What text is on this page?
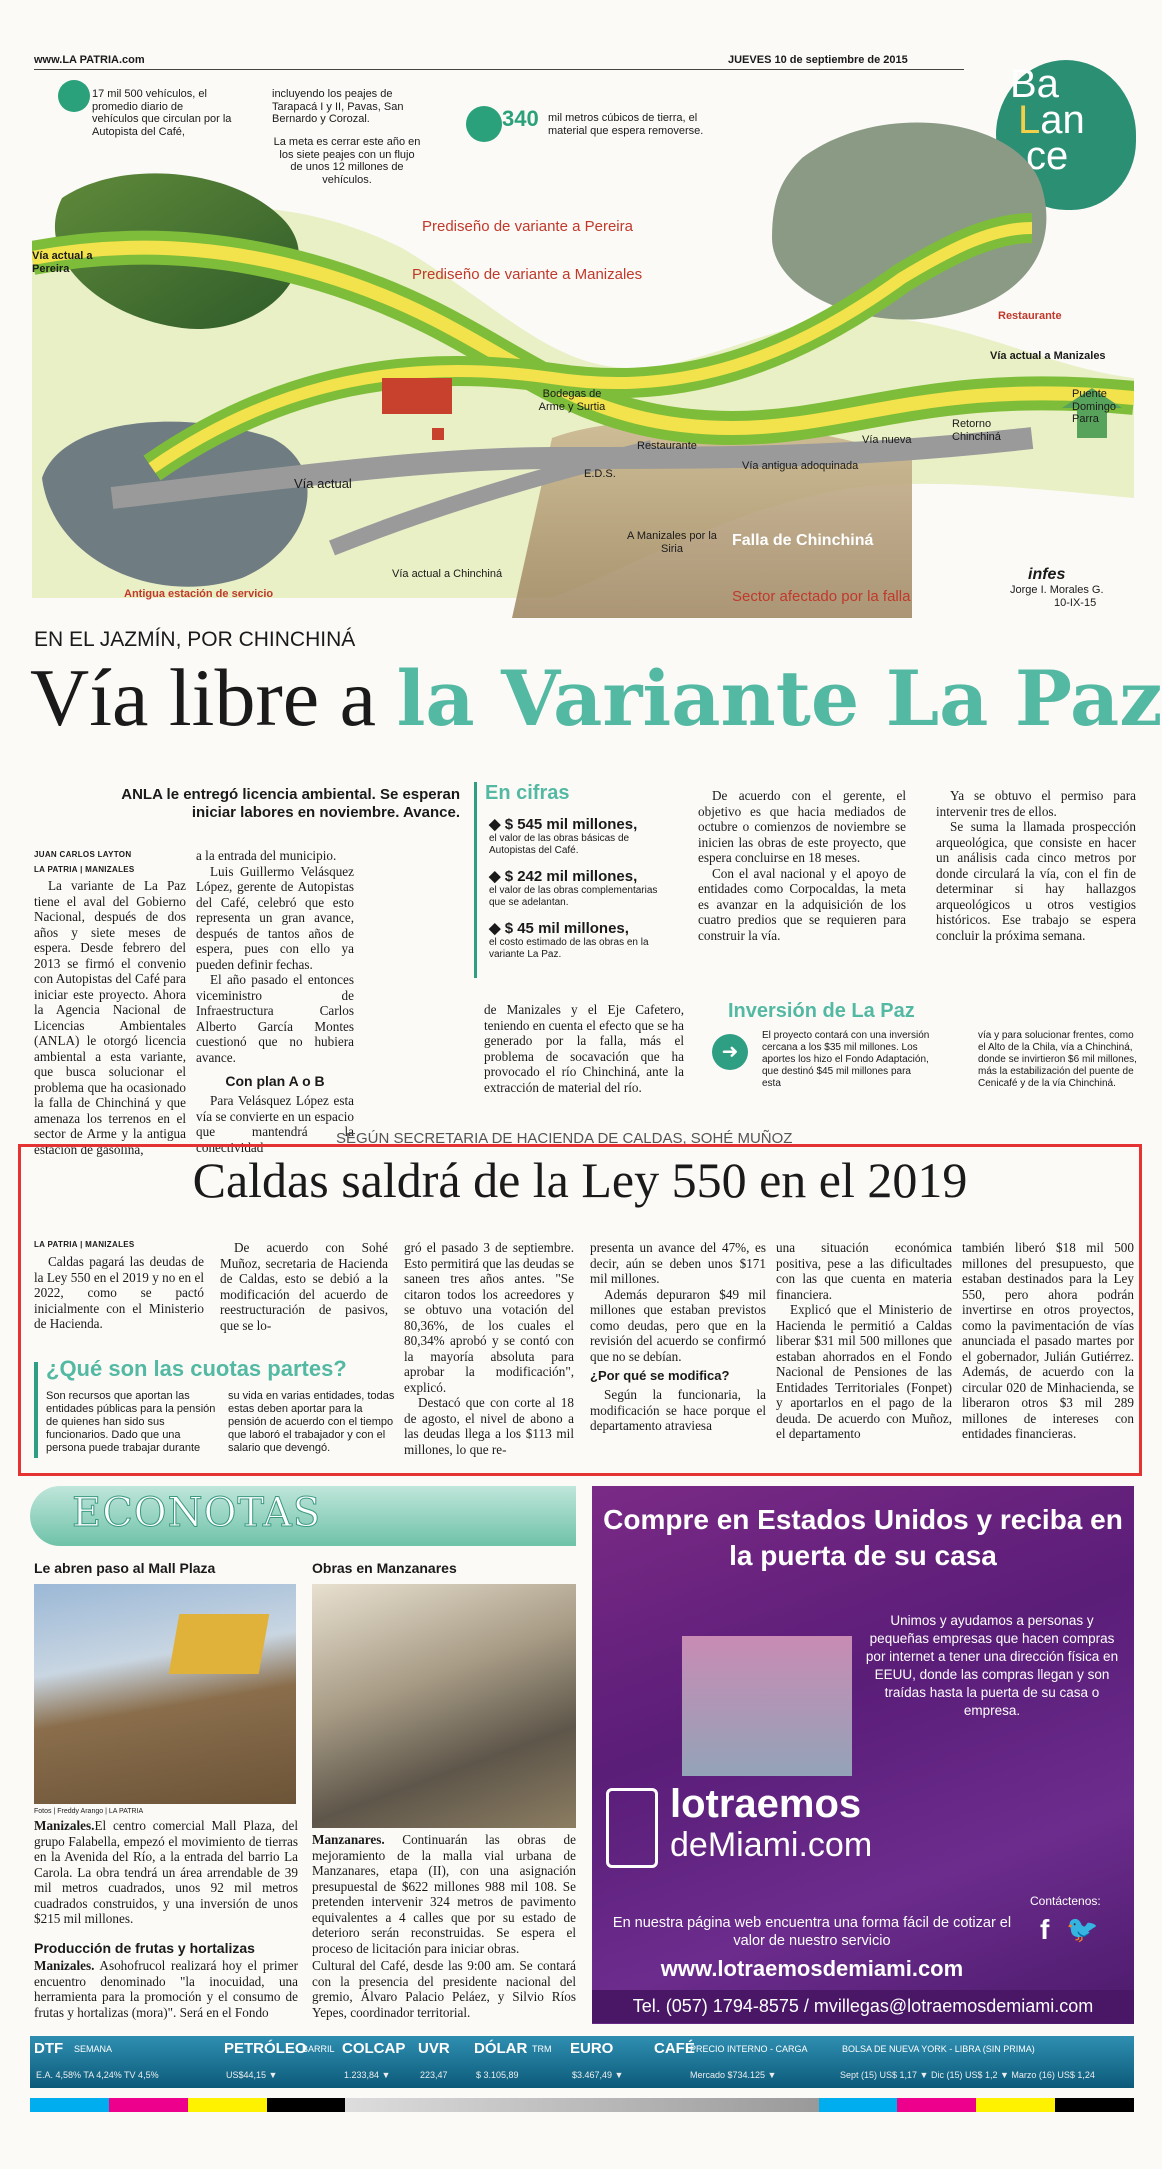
www.LA PATRIA.com	JUEVES 10 de septiembre de 2015
Ba
Lan
ce
17 mil 500 vehículos, el promedio diario de vehículos que circulan por la Autopista del Café,
incluyendo los peajes de Tarapacá I y II, Pavas, San Bernardo y Corozal.
La meta es cerrar este año en los siete peajes con un flujo de unos 12 millones de vehículos.
340 mil metros cúbicos de tierra, el material que espera removerse.
Prediseño de variante a Pereira
Prediseño de variante a Manizales
Vía actual a Pereira
Vía actual a Manizales
Restaurante
Restaurante
Puente Domingo Parra
Retorno Chinchiná
Bodegas de Arme y Surtia
Vía nueva
Vía antigua adoquinada
E.D.S.
Vía actual
Vía actual a Chinchiná
A Manizales por la Siria	Falla de Chinchiná
Sector afectado por la falla
Antigua estación de servicio
infes
Jorge I. Morales G.
10-IX-15
EN EL JAZMÍN, POR CHINCHINÁ
Vía libre a la Variante La Paz
ANLA le entregó licencia ambiental. Se esperan iniciar labores en noviembre. Avance.
JUAN CARLOS LAYTON
LA PATRIA | MANIZALES

La variante de La Paz tiene el aval del Gobierno Nacional, después de dos años y siete meses de espera. Desde febrero del 2013 se firmó el convenio con Autopistas del Café para iniciar este proyecto. Ahora la Agencia Nacional de Licencias Ambientales (ANLA) le otorgó licencia ambiental a esta variante, que busca solucionar el problema que ha ocasionado la falla de Chinchiná y que amenaza los terrenos en el sector de Arme y la antigua estación de gasolina,

a la entrada del municipio.

Luis Guillermo Velásquez López, gerente de Autopistas del Café, celebró que esto representa un gran avance, después de tantos años de espera, pues con ello ya pueden definir fechas.

El año pasado el entonces viceministro de Infraestructura Carlos Alberto García Montes cuestionó que no hubiera avance.

Con plan A o B

Para Velásquez López esta vía se convierte en un espacio que mantendrá la conectividad

En cifras
◆ $ 545 mil millones,
el valor de las obras básicas de Autopistas del Café.
◆ $ 242 mil millones,
el valor de las obras complementarias que se adelantan.
◆ $ 45 mil millones,
el costo estimado de las obras en la variante La Paz.

de Manizales y el Eje Cafetero, teniendo en cuenta el efecto que se ha generado por la falla, más el problema de socavación que ha provocado el río Chinchiná, ante la extracción de material del río.

De acuerdo con el gerente, el objetivo es que hacia mediados de octubre o comienzos de noviembre se inicien las obras de este proyecto, que espera concluirse en 18 meses.

Con el aval nacional y el apoyo de entidades como Corpocaldas, la meta es avanzar en la adquisición de los cuatro predios que se requieren para construir la vía.

Ya se obtuvo el permiso para intervenir tres de ellos.

Se suma la llamada prospección arqueológica, que consiste en hacer un análisis cada cinco metros por donde circulará la vía, con el fin de determinar si hay hallazgos arqueológicos u otros vestigios históricos. Ese trabajo se espera concluir la próxima semana.

Inversión de La Paz
➜
El proyecto contará con una inversión cercana a los $35 mil millones. Los aportes los hizo el Fondo Adaptación, que destinó $45 mil millones para esta
vía y para solucionar frentes, como el Alto de la Chila, vía a Chinchiná, donde se invirtieron $6 mil millones, más la estabilización del puente de Cenicafé y de la vía Chinchiná.
SEGÚN SECRETARIA DE HACIENDA DE CALDAS, SOHÉ MUÑOZ
Caldas saldrá de la Ley 550 en el 2019
LA PATRIA | MANIZALES

Caldas pagará las deudas de la Ley 550 en el 2019 y no en el 2022, como se pactó inicialmente con el Ministerio de Hacienda.

De acuerdo con Sohé Muñoz, secretaria de Hacienda de Caldas, esto se debió a la modificación del acuerdo de reestructuración de pasivos, que se lo-

¿Qué son las cuotas partes?
Son recursos que aportan las entidades públicas para la pensión de quienes han sido sus funcionarios. Dado que una persona puede trabajar durante
su vida en varias entidades, todas estas deben aportar para la pensión de acuerdo con el tiempo que laboró el trabajador y con el salario que devengó.

gró el pasado 3 de septiembre. Esto permitirá que las deudas se saneen tres años antes. "Se citaron todos los acreedores y se obtuvo una votación del 80,36%, de los cuales el 80,34% aprobó y se contó con la mayoría absoluta para aprobar la modificación", explicó.

Destacó que con corte al 18 de agosto, el nivel de abono a las deudas llega a los $113 mil millones, lo que re-

presenta un avance del 47%, es decir, aún se deben unos $171 mil millones.

Además depuraron $49 mil millones que estaban previstos como deudas, pero que en la revisión del acuerdo se confirmó que no se debían.

¿Por qué se modifica?

Según la funcionaria, la modificación se hace porque el departamento atraviesa

una situación económica positiva, pese a las dificultades con las que cuenta en materia financiera.

Explicó que el Ministerio de Hacienda le permitió a Caldas liberar $31 mil 500 millones que estaban ahorrados en el Fondo Nacional de Pensiones de las Entidades Territoriales (Fonpet) y aportarlos en el pago de la deuda. De acuerdo con Muñoz, el departamento

también liberó $18 mil 500 millones del presupuesto, que estaban destinados para la Ley 550, pero ahora podrán invertirse en otros proyectos, como la pavimentación de vías anunciada el pasado martes por el gobernador, Julián Gutiérrez. Además, de acuerdo con la circular 020 de Minhacienda, se liberaron otros $3 mil 289 millones de intereses con entidades financieras.

ECONOTAS
Le abren paso al Mall Plaza
Fotos | Freddy Arango | LA PATRIA

Manizales.El centro comercial Mall Plaza, del grupo Falabella, empezó el movimiento de tierras en la Avenida del Río, a la entrada del barrio La Carola. La obra tendrá un área arrendable de 39 mil metros cuadrados, unos 92 mil metros cuadrados construidos, y una inversión de unos $215 mil millones.

Obras en Manzanares

Manzanares. Continuarán las obras de mejoramiento de la malla vial urbana de Manzanares, etapa (II), con una asignación presupuestal de $622 millones 988 mil 108. Se pretenden intervenir 324 metros de pavimento equivalentes a 4 calles que por su estado de deterioro serán reconstruidas. Se espera el proceso de licitación para iniciar obras.

Producción de frutas y hortalizas

Manizales. Asohofrucol realizará hoy el primer encuentro denominado "la inocuidad, una herramienta para la promoción y el consumo de frutas y hortalizas (mora)". Será en el Fondo

Cultural del Café, desde las 9:00 am. Se contará con la presencia del presidente nacional del gremio, Álvaro Palacio Peláez, y Silvio Ríos Yepes, coordinador territorial.

Compre en Estados Unidos y reciba en la puerta de su casa
Unimos y ayudamos a personas y pequeñas empresas que hacen compras por internet a tener una dirección física en EEUU, donde las compras llegan y son traídas hasta la puerta de su casa o empresa.
lotraemos
deMiami.com
Contáctenos:
f 🐦
En nuestra página web encuentra una forma fácil de cotizar el valor de nuestro servicio
www.lotraemosdemiami.com
Tel. (057) 1794-8575 / mvillegas@lotraemosdemiami.com
DTF SEMANA
E.A. 4,58% TA 4,24% TV 4,5%
PETRÓLEO
BARRIL
US$44,15 ▼
COLCAP
1.233,84 ▼
UVR
223,47
DÓLAR TRM
$ 3.105,89
EURO
$3.467,49 ▼
CAFÉ
PRECIO INTERNO - CARGA
Mercado $734.125 ▼
BOLSA DE NUEVA YORK - LIBRA (SIN PRIMA)
Sept (15) US$ 1,17 ▼ Dic (15) US$ 1,2 ▼ Marzo (16) US$ 1,24
